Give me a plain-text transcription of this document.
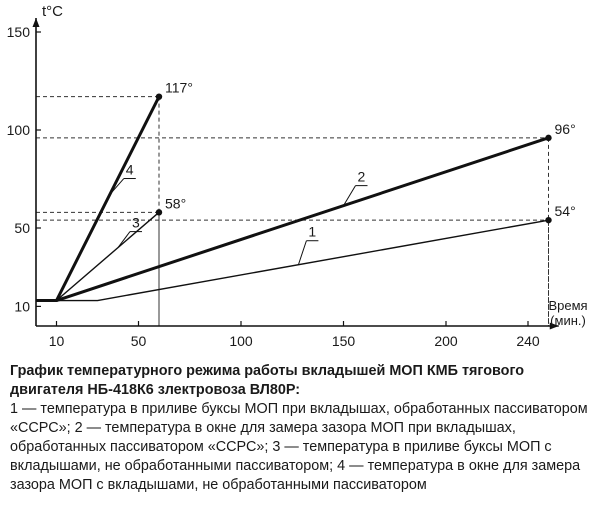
10
50
100
150
10	50	100	150	200	240
t°C
Время
(мин.)
54°
1
96°
2
58°
3
117°
4

График температурного режима работы вкладышей МОП КМБ тягового двигателя НБ-418К6 злектровоза ВЛ80Р:

1 — температура в приливе буксы МОП при вкладышах, обработанных пассиватором «ССРС»; 2 — температура в окне для замера зазора МОП при вкладышах, обработанных пассиватором «ССРС»; 3 — температура в приливе буксы МОП с вкладышами, не обработанными пассиватором; 4 — температура в окне для замера зазора МОП с вкладышами, не обработанными пассиватором
